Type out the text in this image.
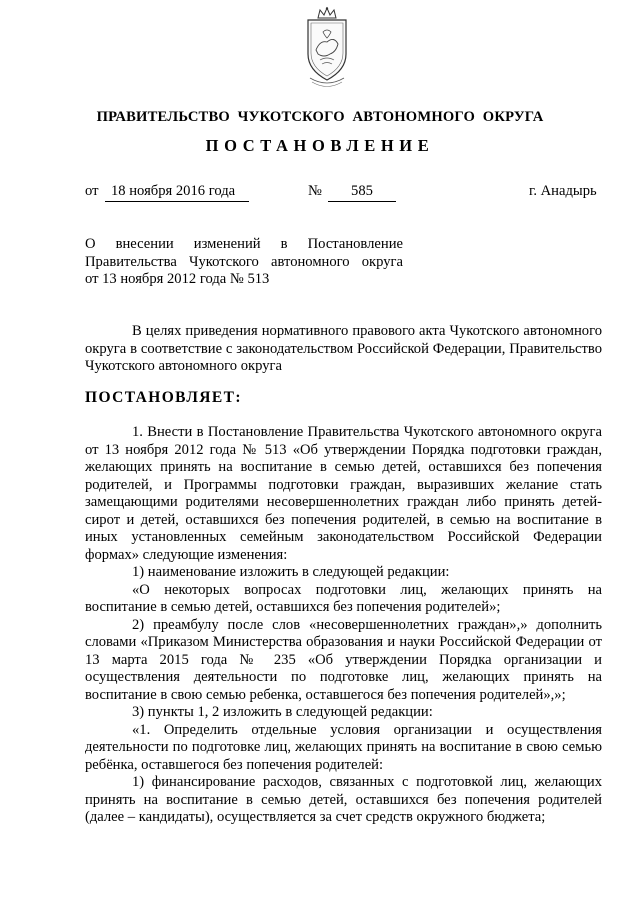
ПРАВИТЕЛЬСТВО  ЧУКОТСКОГО  АВТОНОМНОГО  ОКРУГА
ПОСТАНОВЛЕНИЕ
от 18 ноября 2016 года	№	585	г. Анадырь
О внесении изменений в Постановление
Правительства Чукотского автономного округа
от 13 ноября 2012 года № 513

В целях приведения нормативного правового акта Чукотского автономного округа в соответствие с законодательством Российской Федерации, Правительство Чукотского автономного округа

ПОСТАНОВЛЯЕТ:

1. Внести в Постановление Правительства Чукотского автономного округа от 13 ноября 2012 года № 513 «Об утверждении Порядка подготовки граждан, желающих принять на воспитание в семью детей, оставшихся без попечения родителей, и Программы подготовки граждан, выразивших желание стать замещающими родителями несовершеннолетних граждан либо принять детей-сирот и детей, оставшихся без попечения родителей, в семью на воспитание в иных установленных семейным законодательством Российской Федерации формах» следующие изменения:

1) наименование изложить в следующей редакции:

«О некоторых вопросах подготовки лиц, желающих принять на воспитание в семью детей, оставшихся без попечения родителей»;

2) преамбулу после слов «несовершеннолетних граждан»,» дополнить словами «Приказом Министерства образования и науки Российской Федерации от 13 марта 2015 года № 235 «Об утверждении Порядка организации и осуществления деятельности по подготовке лиц, желающих принять на воспитание в свою семью ребенка, оставшегося без попечения родителей»,»;

3) пункты 1, 2 изложить в следующей редакции:

«1. Определить отдельные условия организации и осуществления деятельности по подготовке лиц, желающих принять на воспитание в свою семью ребёнка, оставшегося без попечения родителей:

1) финансирование расходов, связанных с подготовкой лиц, желающих принять на воспитание в семью детей, оставшихся без попечения родителей (далее – кандидаты), осуществляется за счет средств окружного бюджета;
